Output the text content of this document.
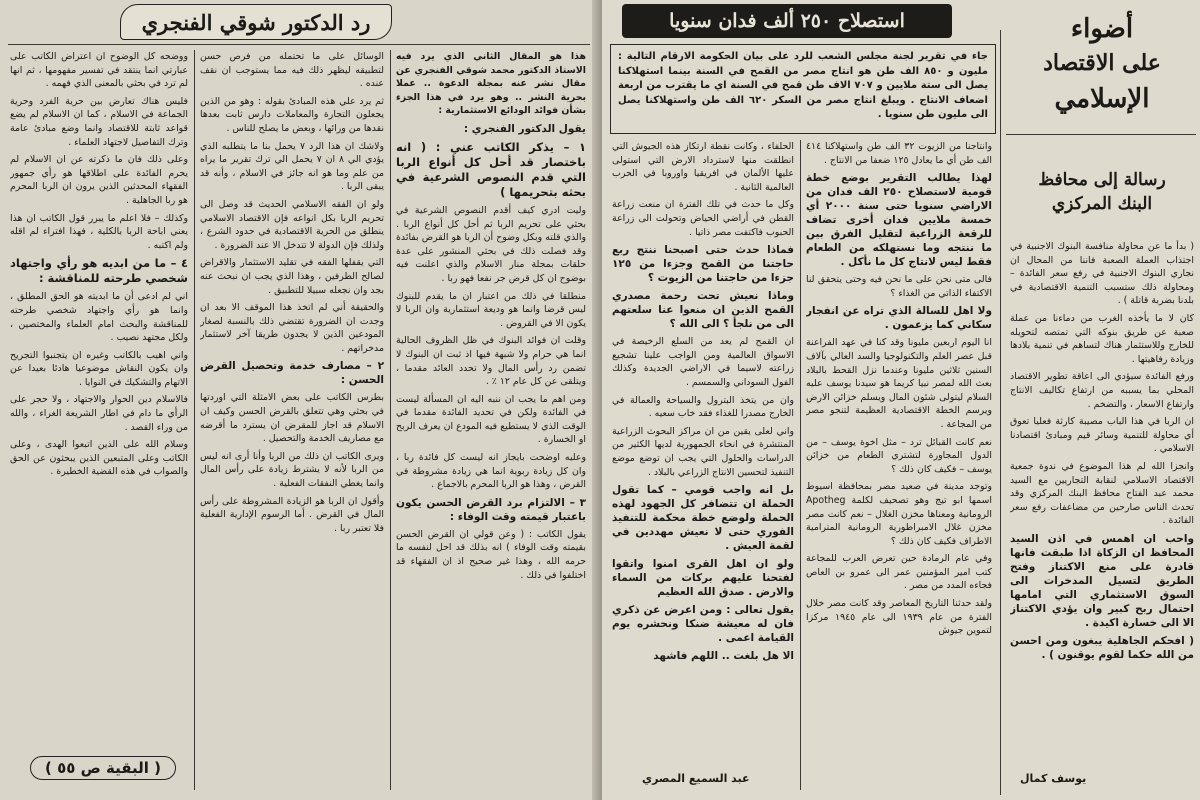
رد الدكتور شوقي الفنجري

هذا هو المقال الثاني الذي يرد فيه الاستاذ الدكتور محمد شوقي الفنجري عن مقال نشر عنه بمجلة الدعوة .. عملا بحرية النشر .. وهو يرد في هذا الجزء بشأن فوائد الودائع الاستثمارية :

يقول الدكتور الفنجري :

١ – يذكر الكاتب عني : ( انه باختصار قد أحل كل أنواع الربا التي قدم النصوص الشرعية في بحثه بتحريمها )

وليت ادري كيف أقدم النصوص الشرعية في بحثي على تحريم الربا ثم أحل كل أنواع الربا . والذي قلته وبكل وضوح أن الربا هو القرض بفائدة وقد فصلت ذلك في بحثي المنشور على عدة حلقات بمجلة منار الاسلام والذي اعلنت فيه بوضوح ان كل قرض جر نفعا فهو ربا .

منطلقا في ذلك من اعتبار ان ما يقدم للبنوك ليس قرضا وانما هو وديعة استثمارية وان الربا لا يكون الا في القروض .

وقلت ان فوائد البنوك في ظل الظروف الحالية انما هي حرام ولا شبهة فيها اذ ثبت ان البنوك لا تضمن رد رأس المال ولا تحدد العائد مقدما ، ويتلقى عن كل عام ١٢ ٪ .

ومن اهم ما يجب ان ننبه اليه ان المسألة ليست في الفائدة ولكن في تحديد الفائدة مقدما في الوقت الذي لا يستطيع فيه المودع ان يعرف الربح او الخسارة .

وعليه اوضحت بايجاز انه ليست كل فائدة ربا ، وان كل زيادة ربوية انما هي زيادة مشروطة في القرض ، وهذا هو الربا المحرم بالاجماع .

٣ – الالتزام برد القرض الحسن يكون باعتبار قيمته وقت الوفاء :

يقول الكاتب : ( وعن قولي ان القرض الحسن بقيمته وقت الوفاء ) انه بذلك قد احل لنفسه ما حرمه الله ، وهذا غير صحيح اذ ان الفقهاء قد اختلفوا في ذلك .

الوسائل على ما تحتمله من فرص حسن لتطبيقه ليظهر ذلك فيه مما يستوجب ان نقف عنده .

ثم يرد علي هذه المبادئ بقوله : وهو من الذين يجعلون التجارة والمعاملات دارس ثابت بعدها نقدها من ورائها ، وبعض ما يصلح للناس .

ولاشك ان هذا الرد ٧ يحمل بنا ما يتطلبه الذي يؤدي الي ٨ ان ٧ يحمل الي ترك تقرير ما يراه من علم وما هو انه جائز في الاسلام ، وأنه قد يبقى الربا .

ولو ان الفقه الاسلامي الحديث قد وصل الى تحريم الربا بكل انواعه فإن الاقتصاد الاسلامي ينطلق من الحرية الاقتصادية في حدود الشرع ، ولذلك فإن الدولة لا تتدخل الا عند الضرورة .

التي يقفلها الفقه في تقليد الاستثمار والاقراض لصالح الطرفين ، وهذا الذي يجب ان نبحث عنه بجد وان نجعله سبيلا للتطبيق .

والحقيقة أني لم اتخذ هذا الموقف الا بعد ان وجدت ان الضرورة تقتضي ذلك بالنسبة لصغار المودعين الذين لا يجدون طريقا آخر لاستثمار مدخراتهم .

٢ – مصارف خدمة وتحصيل القرض الحسن :

بطرس الكاتب على بعض الامثلة التي اوردتها في بحثي وهي تتعلق بالقرض الحسن وكيف ان الاسلام قد اجاز للمقرض ان يسترد ما أقرضه مع مصاريف الخدمة والتحصيل .

ويرى الكاتب ان ذلك من الربا وأنا أرى انه ليس من الربا لأنه لا يشترط زيادة على رأس المال وانما يغطي النفقات الفعلية .

وأقول ان الربا هو الزيادة المشروطة على رأس المال في القرض . أما الرسوم الإدارية الفعلية فلا تعتبر ربا .

ووضحه كل الوضوح ان اعتراض الكاتب على عبارتي انما ينتقد في تفسير مفهومها ، ثم انها لم ترد في بحثي بالمعنى الذي فهمه .

فليس هناك تعارض بين حرية الفرد وحرية الجماعة في الاسلام ، كما ان الاسلام لم يضع قواعد ثابتة للاقتصاد وانما وضع مبادئ عامة وترك التفاصيل لاجتهاد العلماء .

وعلى ذلك فان ما ذكرته عن ان الاسلام لم يحرم الفائدة على اطلاقها هو رأي جمهور الفقهاء المحدثين الذين يرون ان الربا المحرم هو ربا الجاهلية .

وكذلك – فلا اعلم ما يبرر قول الكاتب ان هذا يعني اباحة الربا بالكلية ، فهذا افتراء لم اقله ولم اكتبه .

٤ – ما من ابديه هو رأي واجتهاد شخصي طرحته للمناقشة :

اني لم ادعى أن ما ابديته هو الحق المطلق ، وانما هو رأي واجتهاد شخصي طرحته للمناقشة والبحث امام العلماء والمختصين ، ولكل مجتهد نصيب .

واني اهيب بالكاتب وغيره ان يتجنبوا التجريح وان يكون النقاش موضوعيا هادئا بعيدا عن الاتهام والتشكيك في النوايا .

فالاسلام دين الحوار والاجتهاد ، ولا حجر على الرأي ما دام في اطار الشريعة الغراء ، والله من وراء القصد .

وسلام الله على الذين اتبعوا الهدى ، وعلى الكاتب وعلى المتبعين الذين يبحثون عن الحق والصواب في هذه القضية الخطيرة .

( البقية ص ٥٥ )
استصلاح ٢٥٠ ألف فدان سنويا

جاء في تقرير لجنة مجلس الشعب للرد على بيان الحكومة الارقام التالية : مليون و ٨٥٠ الف طن هو انتاج مصر من القمح في السنة بينما استهلاكنا يصل الى ستة ملايين و ٧٠٧ الاف طن قمح في السنة اي ما يقترب من اربعة اضعاف الانتاج . ويبلغ انتاج مصر من السكر ٦٢٠ الف طن واستهلاكنا يصل الى مليون طن سنويا .

وانتاجنا من الزيوت ٣٢ الف طن واستهلاكنا ٤١٤ الف طن أي ما يعادل ١٢٥ ضعفا من الانتاج .

لهذا يطالب التقرير بوضع خطة قومية لاستصلاح ٢٥٠ الف فدان من الاراضي سنويا حتى سنة ٢٠٠٠ أي خمسة ملايين فدان أخرى تضاف للرقعة الزراعية لتقليل الفرق بين ما ننتجه وما نستهلكه من الطعام فقط ليس لانتاج كل ما نأكل .

فالى متى نحن على ما نحن فيه وحتى يتحقق لنا الاكتفاء الذاتي من الغذاء ؟

ولا اهل للسالة الذي تراه عن انفجار سكاني كما يزعمون .

انا اليوم اربعين مليونا وقد كنا في عهد الفراعنة قبل عصر العلم والتكنولوجيا والسد العالي بآلاف السنين ثلاثين مليونا وعندما نزل القحط بالبلاد بعث الله لمصر نبيا كريما هو سيدنا يوسف عليه السلام ليتولى شئون المال ويسلم خزائن الارض ويرسم الخطة الاقتصادية العظيمة لتنجو مصر من المجاعة .

نعم كانت القبائل ترد – مثل اخوة يوسف – من الدول المجاورة لتشتري الطعام من خزائن يوسف – فكيف كان ذلك ؟

وتوجد مدينة في صعيد مصر بمحافظة اسيوط اسمها ابو تيج وهو تصحيف لكلمة Apotheg الرومانية ومعناها مخزن الغلال – نعم كانت مصر مخزن غلال الامبراطورية الرومانية المترامية الاطراف فكيف كان ذلك ؟

وفي عام الرمادة حين تعرض العرب للمجاعة كتب امير المؤمنين عمر الى عمرو بن العاص فجاءه المدد من مصر .

ولقد حدثنا التاريخ المعاصر وقد كانت مصر خلال الفترة من عام ١٩٣٩ الى عام ١٩٤٥ مركزا لتموين جيوش

الحلفاء ، وكانت نقطة ارتكاز هذه الجيوش التي انطلقت منها لاسترداد الارض التي استولى عليها الألمان في افريقيا واوروبا في الحرب العالمية الثانية .

وكل ما حدث في تلك الفترة ان منعت زراعة القطن في أراضي الحياض وتحولت الى زراعة الحبوب فاكتفت مصر ذاتيا .

فماذا حدث حتى اصبحنا ننتج ربع حاجتنا من القمح وجزءا من ١٢٥ جزءا من حاجتنا من الزيوت ؟

وماذا نعيش تحت رحمة مصدري القمح الذين ان منعوا عنا سلعتهم الى من نلجأ ؟ الى الله ؟

ان القمح لم يعد من السلع الرخيصة في الاسواق العالمية ومن الواجب علينا تشجيع زراعته لاسيما في الاراضي الجديدة وكذلك الفول السوداني والسمسم .

وان من يتخذ البترول والسياحة والعمالة في الخارج مصدرا للغذاء فقد خاب سعيه .

واني لعلى يقين من ان مراكز البحوث الزراعية المنتشرة في انحاء الجمهورية لديها الكثير من الدراسات والحلول التي يجب ان توضع موضع التنفيذ لتحسين الانتاج الزراعي بالبلاد .

بل انه واجب قومي – كما تقول الحملة ان تتضافر كل الجهود لهذه الحملة ولوضع خطة محكمة للتنفيذ الفوري حتى لا نعيش مهددين في لقمة العيش .

ولو ان اهل القرى امنوا واتقوا لفتحنا عليهم بركات من السماء والارض . صدق الله العظيم

يقول تعالى : ومن اعرض عن ذكري فان له معيشة ضنكا ونحشره يوم القيامة اعمى .

الا هل بلغت .. اللهم فاشهد

عبد السميع المصري
أضواء
على الاقتصاد
الإسلامي
رسالة إلى محافظ
البنك المركزي

( بدأ ما عن محاولة منافسة البنوك الاجنبية في اجتذاب العملة الصعبة فاننا من المحال ان نجاري البنوك الاجنبية في رفع سعر الفائدة – ومحاولة ذلك ستسبب التنمية الاقتصادية في بلدنا بضربة قاتلة ) .

كان لا ما يأخذه الغرب من دماءنا من عملة صعبة عن طريق بنوكه التي تمتصه لتحويله للخارج وللاستثمار هناك لتساهم في تنمية بلادها وزيادة رفاهيتها .

ورفع الفائدة سيؤدي الى اعاقة تطوير الاقتصاد المحلي بما يسببه من ارتفاع تكاليف الانتاج وارتفاع الاسعار ، والتضخم .

ان الربا في هذا الباب مصيبة كارثة فعليا تعوق أي محاولة للتنمية وسائر قيم ومبادئ اقتصادنا الاسلامي .

وانجزا الله لم هذا الموضوع في ندوة جمعية الاقتصاد الاسلامي لنقابة التجاريين مع السيد محمد عبد الفتاح محافظ البنك المركزي وقد تحدث الناس صارحين من مضاعفات رفع سعر الفائدة .

واحب ان اهمس في اذن السيد المحافظ ان الزكاة اذا طبقت فانها قادرة على منع الاكتناز وفتح الطريق لتسيل المدخرات الى السوق الاستثماري التي امامها احتمال ربح كبير وان يؤدي الاكتناز الا الى خسارة اكيدة .

( افحكم الجاهلية يبغون ومن احسن من الله حكما لقوم يوقنون ) .

يوسف كمال
